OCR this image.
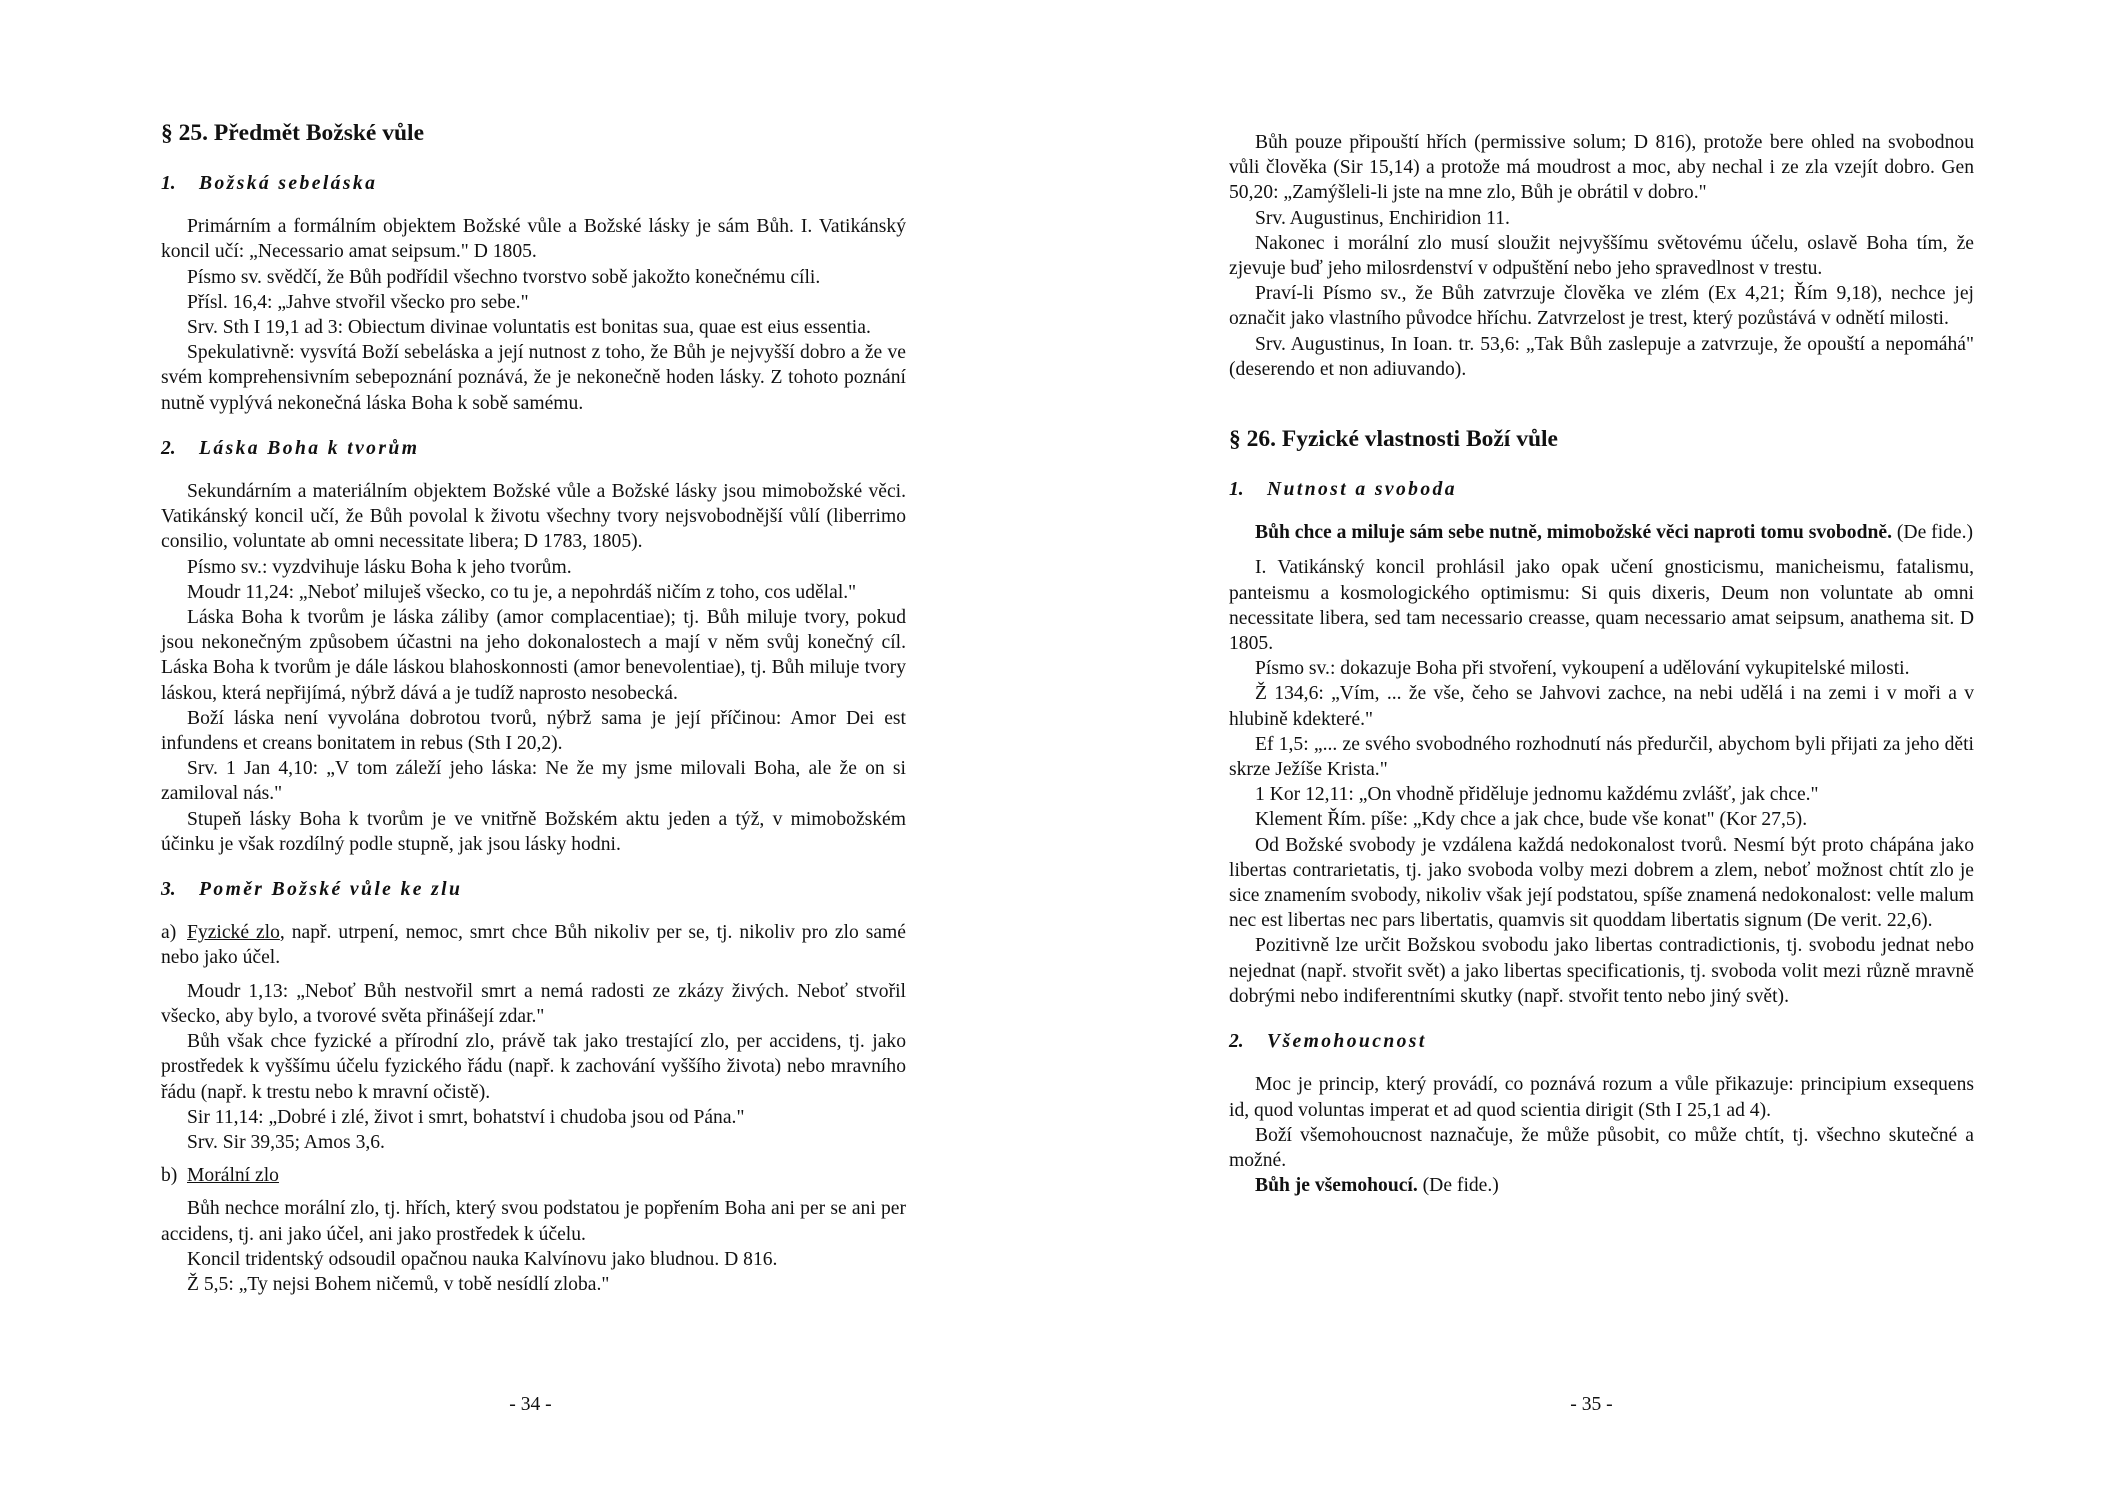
§ 25. Předmět Božské vůle
1. Božská sebeláska

Primárním a formálním objektem Božské vůle a Božské lásky je sám Bůh. I. Vatikánský koncil učí: „Necessario amat seipsum." D 1805.

Písmo sv. svědčí, že Bůh podřídil všechno tvorstvo sobě jakožto konečnému cíli.

Přísl. 16,4: „Jahve stvořil všecko pro sebe."

Srv. Sth I 19,1 ad 3: Obiectum divinae voluntatis est bonitas sua, quae est eius essentia.

Spekulativně: vysvítá Boží sebeláska a její nutnost z toho, že Bůh je nejvyšší dobro a že ve svém komprehensivním sebepoznání poznává, že je nekonečně hoden lásky. Z tohoto poznání nutně vyplývá nekonečná láska Boha k sobě samému.

2. Láska Boha k tvorům

Sekundárním a materiálním objektem Božské vůle a Božské lásky jsou mimobožské věci. Vatikánský koncil učí, že Bůh povolal k životu všechny tvory nejsvobodnější vůlí (liberrimo consilio, voluntate ab omni necessitate libera; D 1783, 1805).

Písmo sv.: vyzdvihuje lásku Boha k jeho tvorům.

Moudr 11,24: „Neboť miluješ všecko, co tu je, a nepohrdáš ničím z toho, cos udělal."

Láska Boha k tvorům je láska záliby (amor complacentiae); tj. Bůh miluje tvory, pokud jsou nekonečným způsobem účastni na jeho dokonalostech a mají v něm svůj konečný cíl. Láska Boha k tvorům je dále láskou blahoskonnosti (amor benevolentiae), tj. Bůh miluje tvory láskou, která nepřijímá, nýbrž dává a je tudíž naprosto nesobecká.

Boží láska není vyvolána dobrotou tvorů, nýbrž sama je její příčinou: Amor Dei est infundens et creans bonitatem in rebus (Sth I 20,2).

Srv. 1 Jan 4,10: „V tom záleží jeho láska: Ne že my jsme milovali Boha, ale že on si zamiloval nás."

Stupeň lásky Boha k tvorům je ve vnitřně Božském aktu jeden a týž, v mimobožském účinku je však rozdílný podle stupně, jak jsou lásky hodni.

3. Poměr Božské vůle ke zlu

a) Fyzické zlo, např. utrpení, nemoc, smrt chce Bůh nikoliv per se, tj. nikoliv pro zlo samé nebo jako účel.

Moudr 1,13: „Neboť Bůh nestvořil smrt a nemá radosti ze zkázy živých. Neboť stvořil všecko, aby bylo, a tvorové světa přinášejí zdar."

Bůh však chce fyzické a přírodní zlo, právě tak jako trestající zlo, per accidens, tj. jako prostředek k vyššímu účelu fyzického řádu (např. k zachování vyššího života) nebo mravního řádu (např. k trestu nebo k mravní očistě).

Sir 11,14: „Dobré i zlé, život i smrt, bohatství i chudoba jsou od Pána."

Srv. Sir 39,35; Amos 3,6.

b) Morální zlo

Bůh nechce morální zlo, tj. hřích, který svou podstatou je popřením Boha ani per se ani per accidens, tj. ani jako účel, ani jako prostředek k účelu.

Koncil tridentský odsoudil opačnou nauka Kalvínovu jako bludnou. D 816.

Ž 5,5: „Ty nejsi Bohem ničemů, v tobě nesídlí zloba."

- 34 -

Bůh pouze připouští hřích (permissive solum; D 816), protože bere ohled na svobodnou vůli člověka (Sir 15,14) a protože má moudrost a moc, aby nechal i ze zla vzejít dobro. Gen 50,20: „Zamýšleli-li jste na mne zlo, Bůh je obrátil v dobro."

Srv. Augustinus, Enchiridion 11.

Nakonec i morální zlo musí sloužit nejvyššímu světovému účelu, oslavě Boha tím, že zjevuje buď jeho milosrdenství v odpuštění nebo jeho spravedlnost v trestu.

Praví-li Písmo sv., že Bůh zatvrzuje člověka ve zlém (Ex 4,21; Řím 9,18), nechce jej označit jako vlastního původce hříchu. Zatvrzelost je trest, který pozůstává v odnětí milosti.

Srv. Augustinus, In Ioan. tr. 53,6: „Tak Bůh zaslepuje a zatvrzuje, že opouští a nepomáhá" (deserendo et non adiuvando).

§ 26. Fyzické vlastnosti Boží vůle
1. Nutnost a svoboda

Bůh chce a miluje sám sebe nutně, mimobožské věci naproti tomu svobodně. (De fide.)

I. Vatikánský koncil prohlásil jako opak učení gnosticismu, manicheismu, fatalismu, panteismu a kosmologického optimismu: Si quis dixeris, Deum non voluntate ab omni necessitate libera, sed tam necessario creasse, quam necessario amat seipsum, anathema sit. D 1805.

Písmo sv.: dokazuje Boha při stvoření, vykoupení a udělování vykupitelské milosti.

Ž 134,6: „Vím, ... že vše, čeho se Jahvovi zachce, na nebi udělá i na zemi i v moři a v hlubině kdekteré."

Ef 1,5: „... ze svého svobodného rozhodnutí nás předurčil, abychom byli přijati za jeho děti skrze Ježíše Krista."

1 Kor 12,11: „On vhodně přiděluje jednomu každému zvlášť, jak chce."

Klement Řím. píše: „Kdy chce a jak chce, bude vše konat" (Kor 27,5).

Od Božské svobody je vzdálena každá nedokonalost tvorů. Nesmí být proto chápána jako libertas contrarietatis, tj. jako svoboda volby mezi dobrem a zlem, neboť možnost chtít zlo je sice znamením svobody, nikoliv však její podstatou, spíše znamená nedokonalost: velle malum nec est libertas nec pars libertatis, quamvis sit quoddam libertatis signum (De verit. 22,6).

Pozitivně lze určit Božskou svobodu jako libertas contradictionis, tj. svobodu jednat nebo nejednat (např. stvořit svět) a jako libertas specificationis, tj. svoboda volit mezi různě mravně dobrými nebo indiferentními skutky (např. stvořit tento nebo jiný svět).

2. Všemohoucnost

Moc je princip, který provádí, co poznává rozum a vůle přikazuje: principium exsequens id, quod voluntas imperat et ad quod scientia dirigit (Sth I 25,1 ad 4).

Boží všemohoucnost naznačuje, že může působit, co může chtít, tj. všechno skutečné a možné.

Bůh je všemohoucí. (De fide.)

- 35 -
